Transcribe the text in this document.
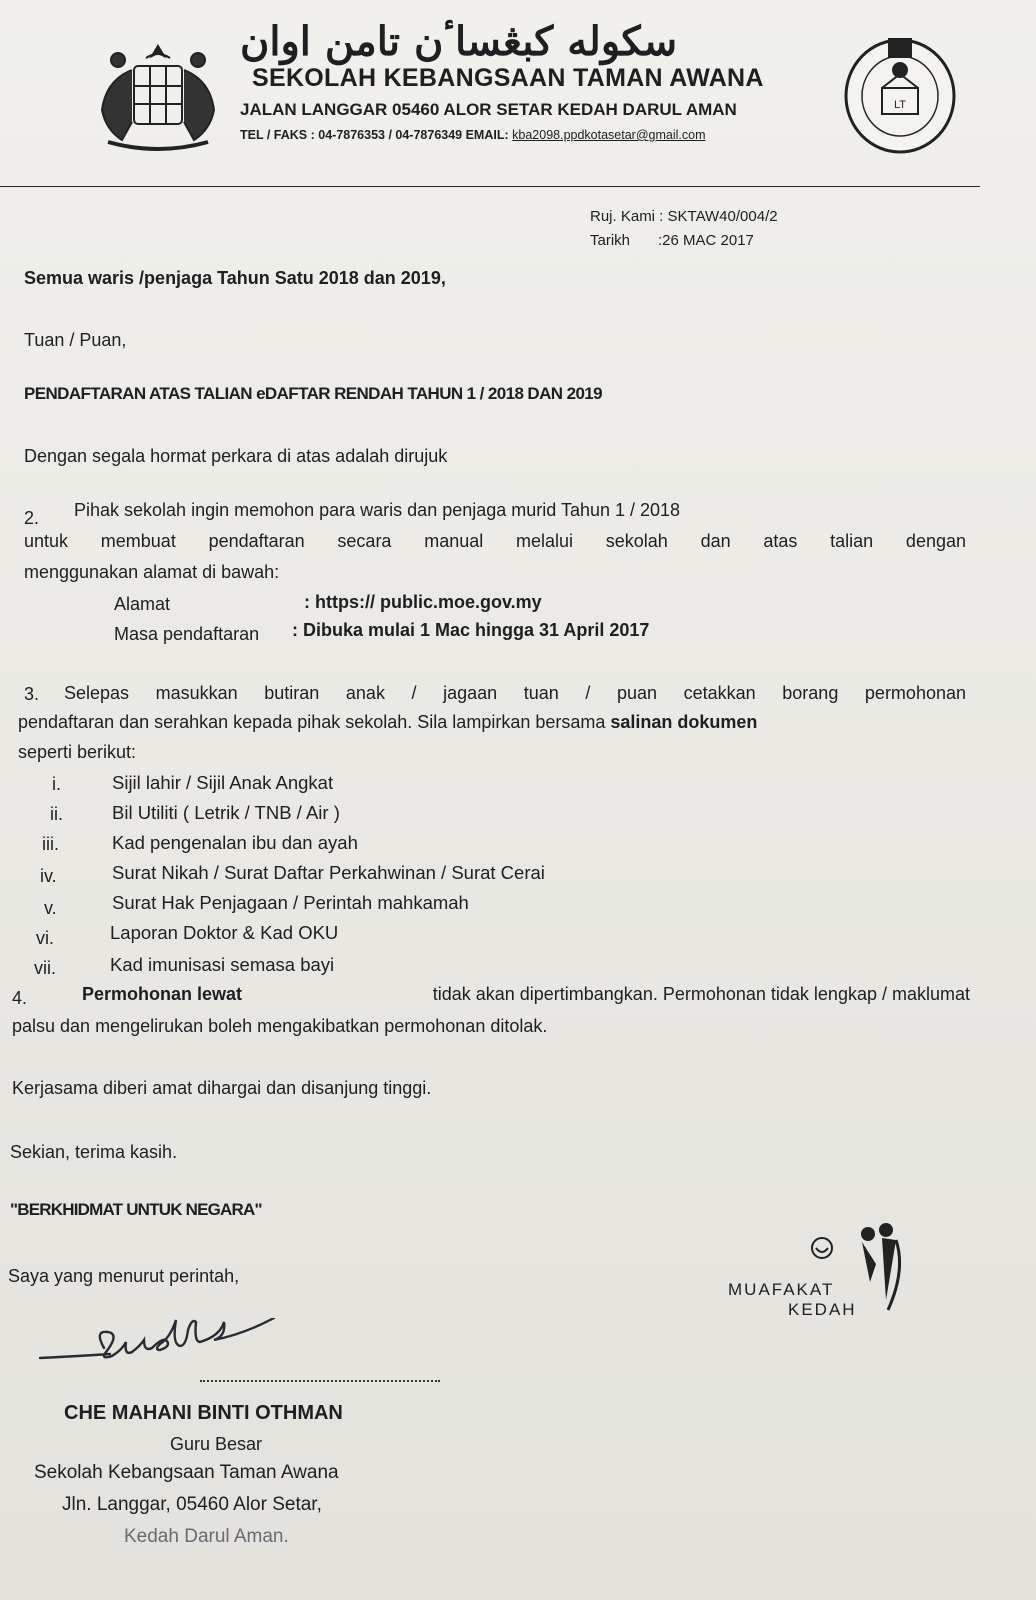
سکوله کبڠسا‌ٴن تامن اوان
SEKOLAH KEBANGSAAN TAMAN AWANA
JALAN LANGGAR 05460 ALOR SETAR KEDAH DARUL AMAN
TEL / FAKS : 04-7876353 / 04-7876349 EMAIL: kba2098.ppdkotasetar@gmail.com
LT
Ruj. Kami : SKTAW40/004/2
Tarikh :26 MAC 2017
Semua waris /penjaga Tahun Satu 2018 dan 2019,
Tuan / Puan,
PENDAFTARAN ATAS TALIAN eDAFTAR RENDAH TAHUN 1 / 2018 DAN 2019
Dengan segala hormat perkara di atas adalah dirujuk
2. Pihak sekolah ingin memohon para waris dan penjaga murid Tahun 1 / 2018
untuk membuat pendaftaran secara manual melalui sekolah dan atas talian dengan
menggunakan alamat di bawah:
Alamat	: https:// public.moe.gov.my
Masa pendaftaran : Dibuka mulai 1 Mac hingga 31 April 2017
3. Selepas masukkan butiran anak / jagaan tuan / puan cetakkan borang permohonan
pendaftaran dan serahkan kepada pihak sekolah. Sila lampirkan bersama salinan dokumen
seperti berikut:
i.	Sijil lahir / Sijil Anak Angkat
ii.	Bil Utiliti ( Letrik / TNB / Air )
iii.	Kad pengenalan ibu dan ayah
iv.	Surat Nikah / Surat Daftar Perkahwinan / Surat Cerai
v.	Surat Hak Penjagaan / Perintah mahkamah
vi.	Laporan Doktor & Kad OKU
vii.	Kad imunisasi semasa bayi
4.	Permohonan lewat	tidak akan dipertimbangkan. Permohonan tidak lengkap / maklumat
palsu dan mengelirukan boleh mengakibatkan permohonan ditolak.
Kerjasama diberi amat dihargai dan disanjung tinggi.
Sekian, terima kasih.
"BERKHIDMAT UNTUK NEGARA"
Saya yang menurut perintah,
CHE MAHANI BINTI OTHMAN
Guru Besar
Sekolah Kebangsaan Taman Awana
Jln. Langgar, 05460 Alor Setar,
Kedah Darul Aman.
MUAFAKAT
KEDAH
